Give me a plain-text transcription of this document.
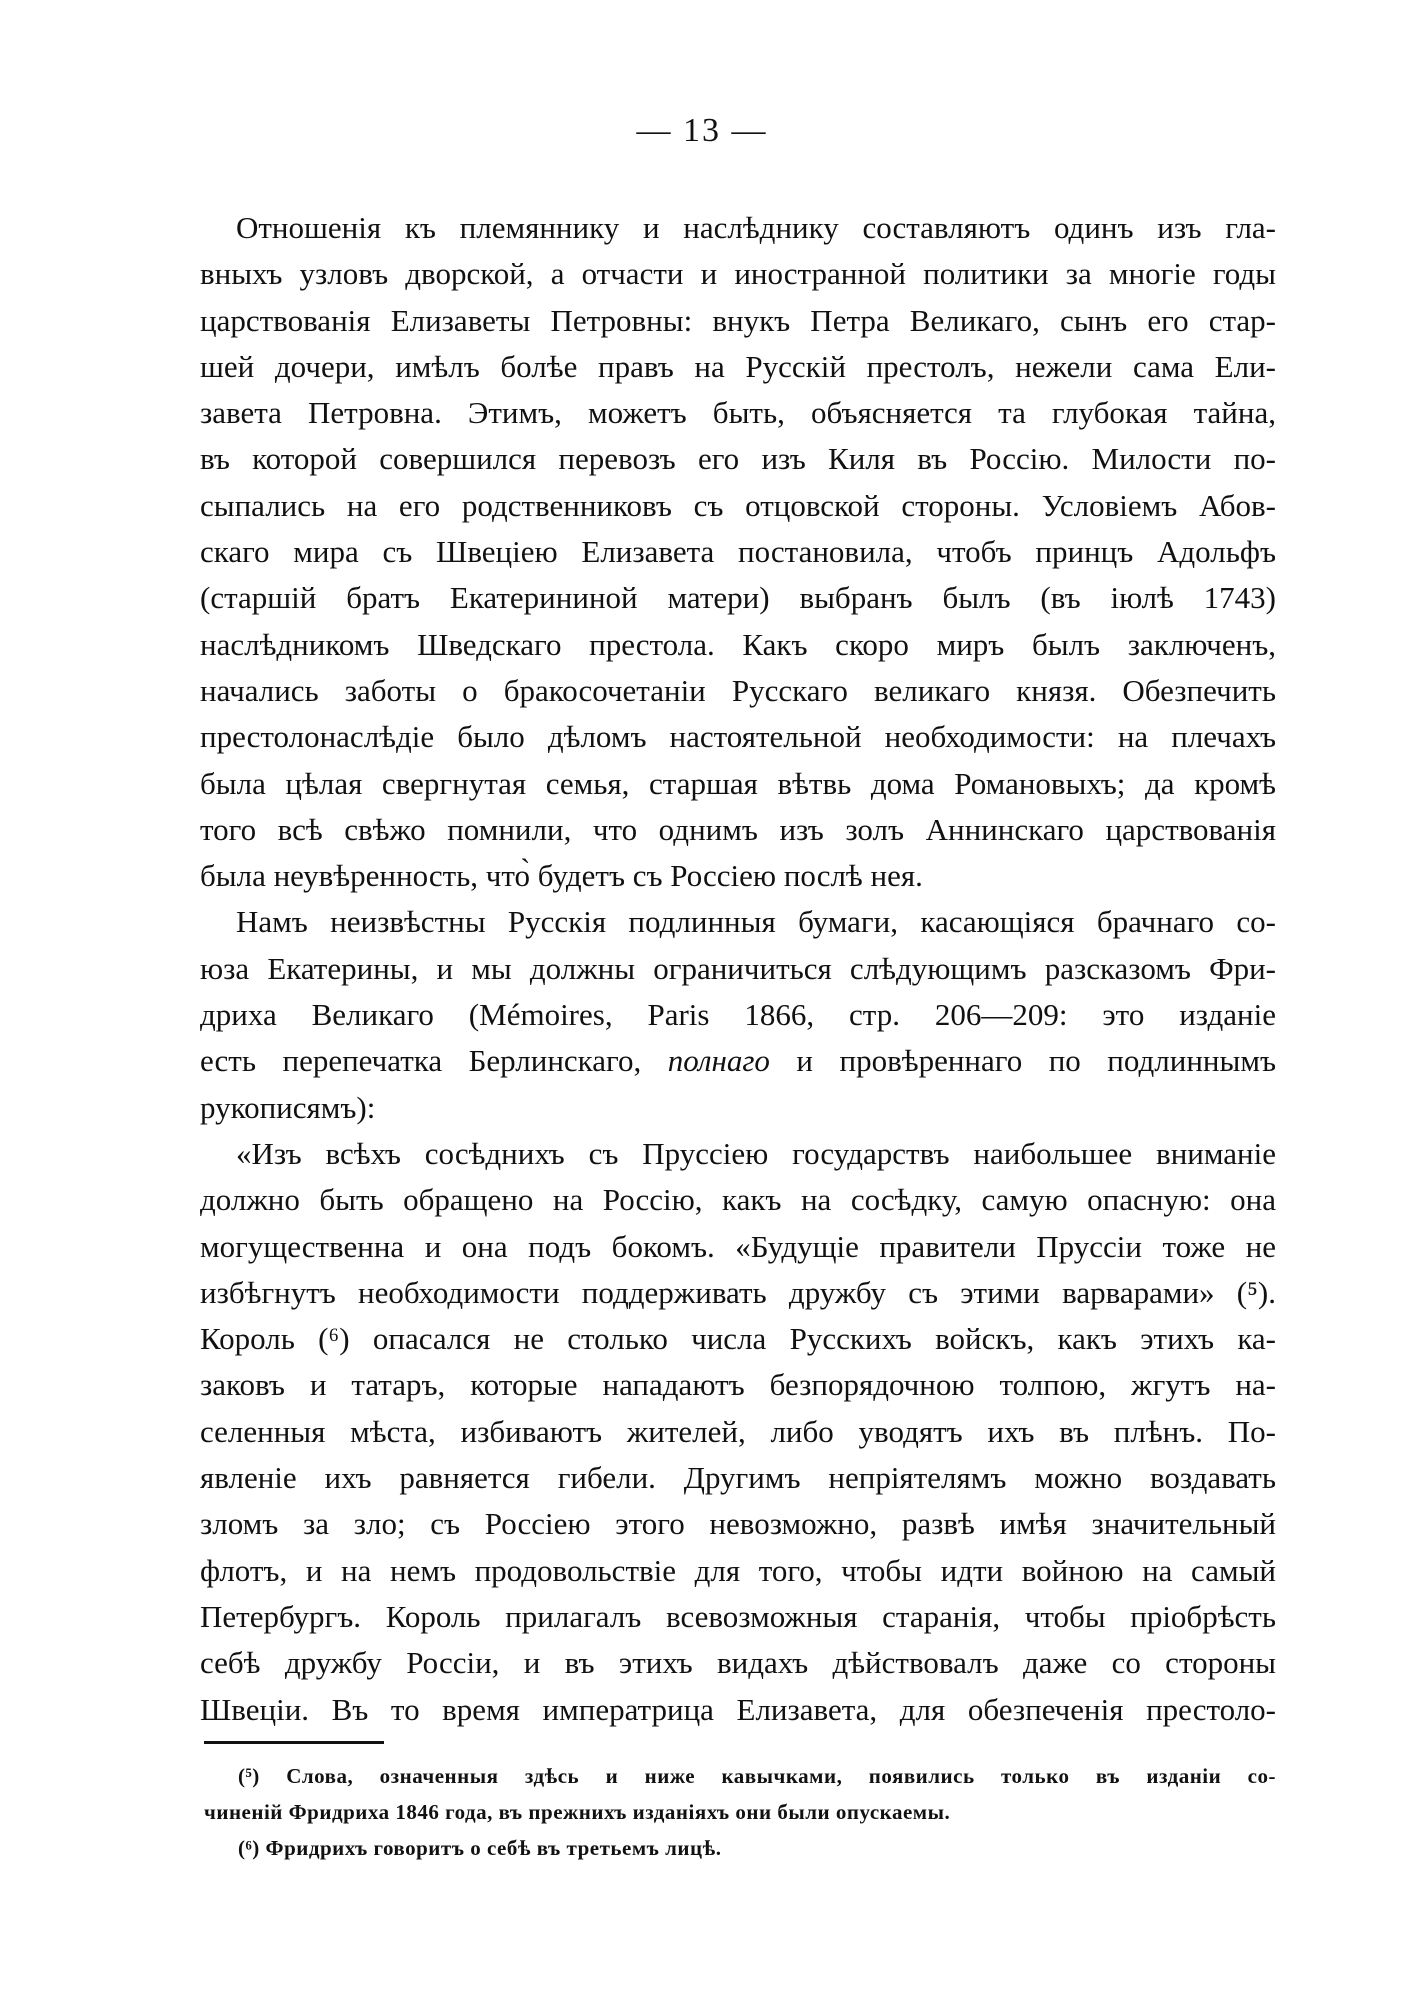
— 13 —
Отношенія къ племяннику и наслѣднику составляютъ одинъ изъ гла-
вныхъ узловъ дворской, а отчасти и иностранной политики за многіе годы
царствованія Елизаветы Петровны: внукъ Петра Великаго, сынъ его стар-
шей дочери, имѣлъ болѣе правъ на Русскій престолъ, нежели сама Ели-
завета Петровна. Этимъ, можетъ быть, объясняется та глубокая тайна,
въ которой совершился перевозъ его изъ Киля въ Россію. Милости по-
сыпались на его родственниковъ съ отцовской стороны. Условіемъ Абов-
скаго мира съ Швеціею Елизавета постановила, чтобъ принцъ Адольфъ
(старшій братъ Екатерининой матери) выбранъ былъ (въ іюлѣ 1743)
наслѣдникомъ Шведскаго престола. Какъ скоро миръ былъ заключенъ,
начались заботы о бракосочетаніи Русскаго великаго князя. Обезпечить
престолонаслѣдіе было дѣломъ настоятельной необходимости: на плечахъ
была цѣлая свергнутая семья, старшая вѣтвь дома Романовыхъ; да кромѣ
того всѣ свѣжо помнили, что однимъ изъ золъ Аннинскаго царствованія
была неувѣренность, что̀ будетъ съ Россіею послѣ нея.
Намъ неизвѣстны Русскія подлинныя бумаги, касающіяся брачнаго со-
юза Екатерины, и мы должны ограничиться слѣдующимъ разсказомъ Фри-
дриха Великаго (Mémoires, Paris 1866, стр. 206—209: это изданіе
есть перепечатка Берлинскаго, полнаго и провѣреннаго по подлиннымъ
рукописямъ):
«Изъ всѣхъ сосѣднихъ съ Пруссіею государствъ наибольшее вниманіе
должно быть обращено на Россію, какъ на сосѣдку, самую опасную: она
могущественна и она подъ бокомъ. «Будущіе правители Пруссіи тоже не
избѣгнутъ необходимости поддерживать дружбу съ этими варварами» (⁵).
Король (⁶) опасался не столько числа Русскихъ войскъ, какъ этихъ ка-
заковъ и татаръ, которые нападаютъ безпорядочною толпою, жгутъ на-
селенныя мѣста, избиваютъ жителей, либо уводятъ ихъ въ плѣнъ. По-
явленіе ихъ равняется гибели. Другимъ непріятелямъ можно воздавать
зломъ за зло; съ Россіею этого невозможно, развѣ имѣя значительный
флотъ, и на немъ продовольствіе для того, чтобы идти войною на самый
Петербургъ. Король прилагалъ всевозможныя старанія, чтобы пріобрѣсть
себѣ дружбу Россіи, и въ этихъ видахъ дѣйствовалъ даже со стороны
Швеціи. Въ то время императрица Елизавета, для обезпеченія престоло-
(⁵) Слова, означенныя здѣсь и ниже кавычками, появились только въ изданіи со-
чиненій Фридриха 1846 года, въ прежнихъ изданіяхъ они были опускаемы.
(⁶) Фридрихъ говоритъ о себѣ въ третьемъ лицѣ.
